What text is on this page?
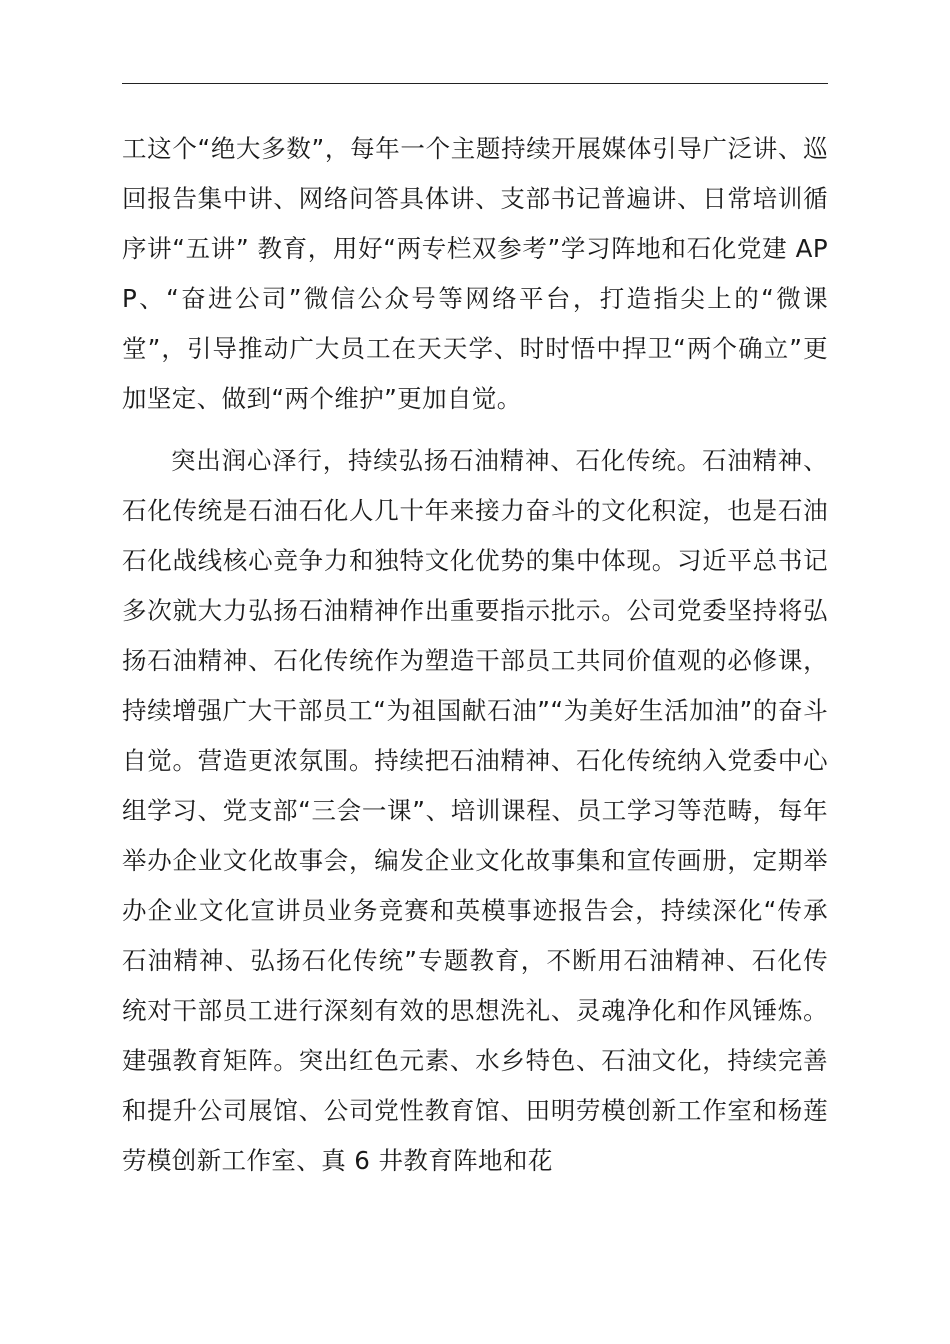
工这个“绝大多数”，每年一个主题持续开展媒体引导广泛讲、巡回报告集中讲、网络问答具体讲、支部书记普遍讲、日常培训循序讲“五讲” 教育，用好“两专栏双参考”学习阵地和石化党建 APP、“奋进公司”微信公众号等网络平台，打造指尖上的“微课堂”，引导推动广大员工在天天学、时时悟中捍卫“两个确立”更加坚定、做到“两个维护”更加自觉。

突出润心泽行，持续弘扬石油精神、石化传统。石油精神、石化传统是石油石化人几十年来接力奋斗的文化积淀，也是石油石化战线核心竞争力和独特文化优势的集中体现。习近平总书记多次就大力弘扬石油精神作出重要指示批示。公司党委坚持将弘扬石油精神、石化传统作为塑造干部员工共同价值观的必修课，持续增强广大干部员工“为祖国献石油”“为美好生活加油”的奋斗自觉。营造更浓氛围。持续把石油精神、石化传统纳入党委中心组学习、党支部“三会一课”、培训课程、员工学习等范畴，每年举办企业文化故事会，编发企业文化故事集和宣传画册，定期举办企业文化宣讲员业务竞赛和英模事迹报告会，持续深化“传承石油精神、弘扬石化传统”专题教育，不断用石油精神、石化传统对干部员工进行深刻有效的思想洗礼、灵魂净化和作风锤炼。建强教育矩阵。突出红色元素、水乡特色、石油文化，持续完善和提升公司展馆、公司党性教育馆、田明劳模创新工作室和杨莲劳模创新工作室、真 6 井教育阵地和花
